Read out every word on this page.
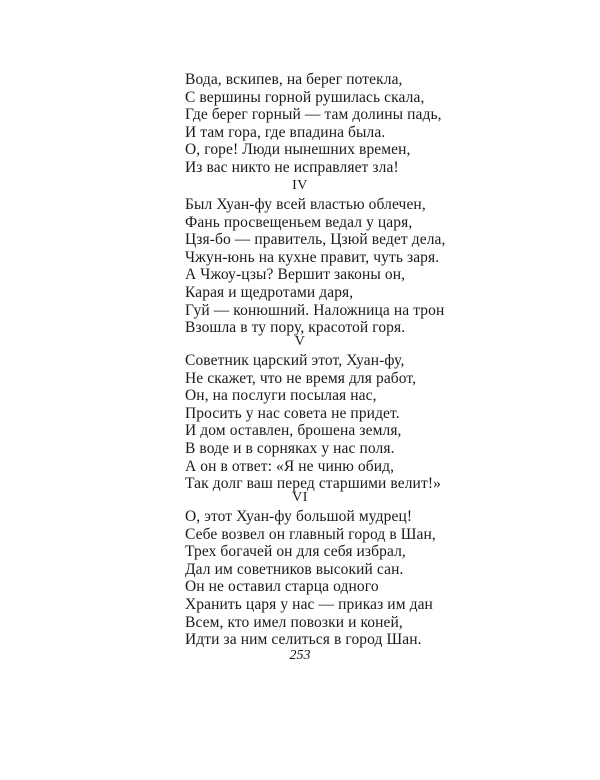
Вода, вскипев, на берег потекла,
С вершины горной рушилась скала,
Где берег горный — там долины падь,
И там гора, где впадина была.
О, горе! Люди нынешних времен,
Из вас никто не исправляет зла!
IV
Был Хуан-фу всей властью облечен,
Фань просвещеньем ведал у царя,
Цзя-бо — правитель, Цзюй ведет дела,
Чжун-юнь на кухне правит, чуть заря.
А Чжоу-цзы? Вершит законы он,
Карая и щедротами даря,
Гуй — конюшний. Наложница на трон
Взошла в ту пору, красотой горя.
V
Советник царский этот, Хуан-фу,
Не скажет, что не время для работ,
Он, на послуги посылая нас,
Просить у нас совета не придет.
И дом оставлен, брошена земля,
В воде и в сорняках у нас поля.
А он в ответ: «Я не чиню обид,
Так долг ваш перед старшими велит!»
VI
О, этот Хуан-фу большой мудрец!
Себе возвел он главный город в Шан,
Трех богачей он для себя избрал,
Дал им советников высокий сан.
Он не оставил старца одного
Хранить царя у нас — приказ им дан
Всем, кто имел повозки и коней,
Идти за ним селиться в город Шан.
253
